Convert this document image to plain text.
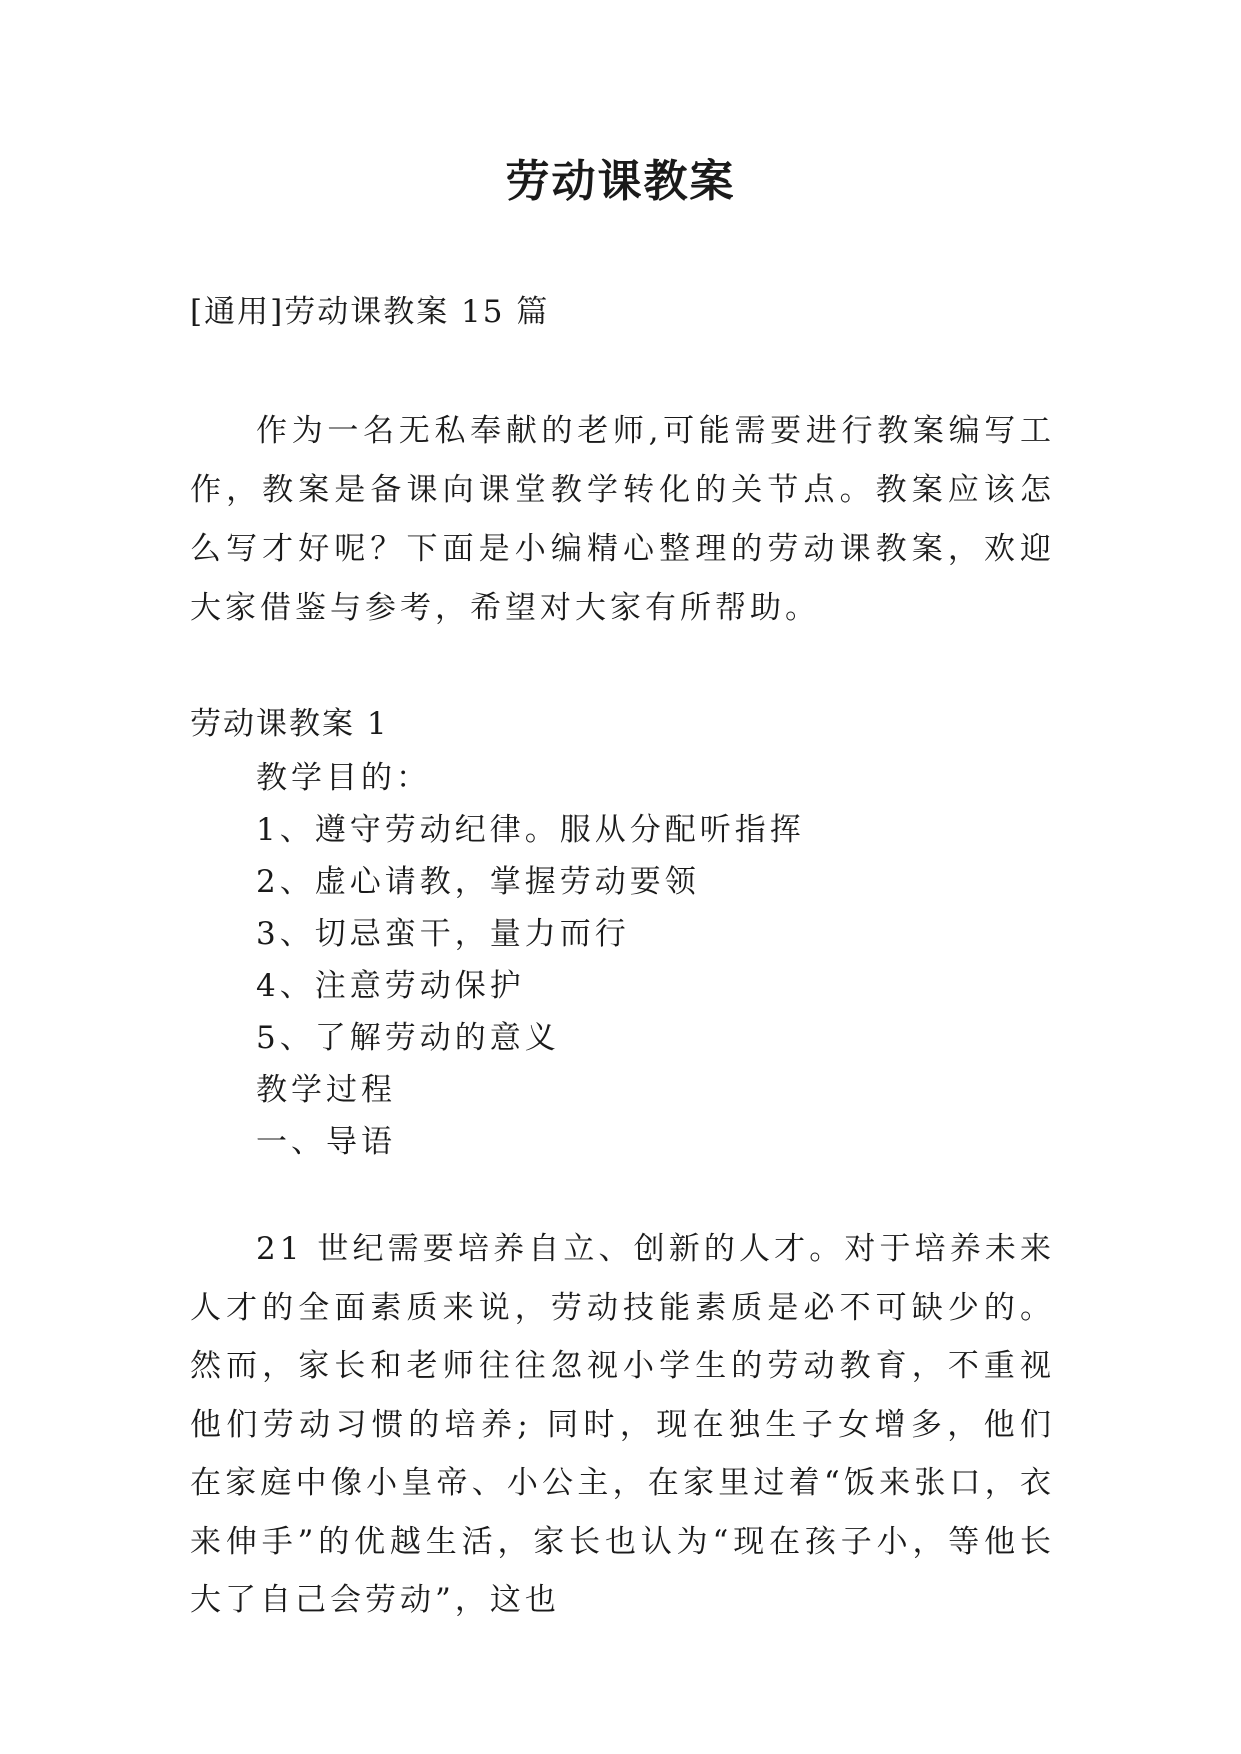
劳动课教案
[通用]劳动课教案 15 篇

作为一名无私奉献的老师,可能需要进行教案编写工作，教案是备课向课堂教学转化的关节点。教案应该怎么写才好呢？下面是小编精心整理的劳动课教案，欢迎大家借鉴与参考，希望对大家有所帮助。

劳动课教案 1
教学目的：
1、遵守劳动纪律。服从分配听指挥
2、虚心请教，掌握劳动要领
3、切忌蛮干，量力而行
4、注意劳动保护
5、了解劳动的意义
教学过程
一、导语

21 世纪需要培养自立、创新的人才。对于培养未来人才的全面素质来说，劳动技能素质是必不可缺少的。然而，家长和老师往往忽视小学生的劳动教育，不重视他们劳动习惯的培养; 同时，现在独生子女增多，他们在家庭中像小皇帝、小公主，在家里过着“饭来张口，衣来伸手”的优越生活，家长也认为“现在孩子小，等他长大了自己会劳动”，这也
